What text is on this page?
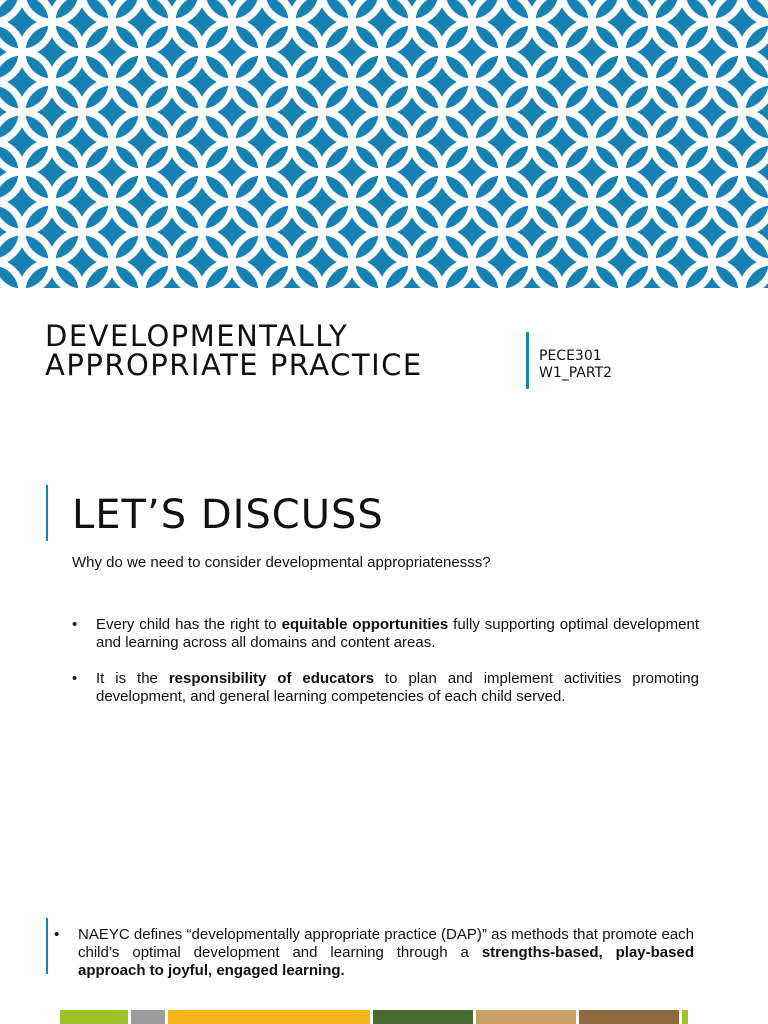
DEVELOPMENTALLY APPROPRIATE PRACTICE	PECE301
W1_PART2
LET’S DISCUSS
Why do we need to consider developmental appropriatenesss?
• Every child has the right to equitable opportunities fully supporting optimal development and learning across all domains and content areas.
• It is the responsibility of educators to plan and implement activities promoting development, and general learning competencies of each child served.
• NAEYC defines “developmentally appropriate practice (DAP)” as methods that promote each child’s optimal development and learning through a strengths-based, play-based approach to joyful, engaged learning.
